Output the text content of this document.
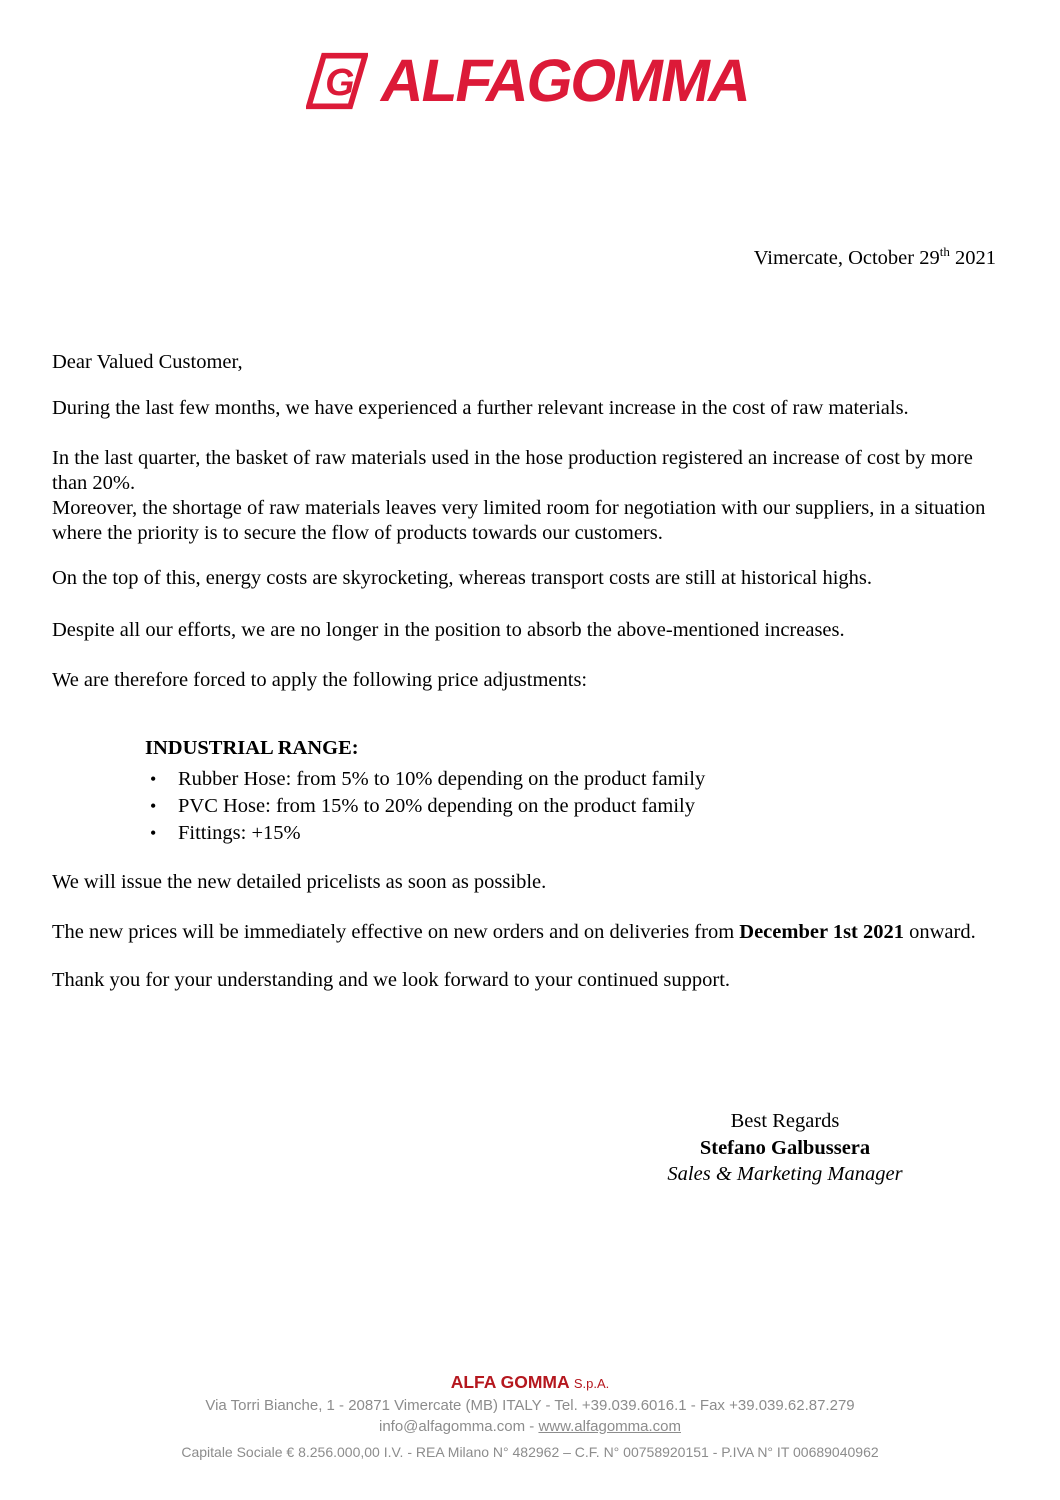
G ALFAGOMMA
Vimercate, October 29th 2021

Dear Valued Customer,

During the last few months, we have experienced a further relevant increase in the cost of raw materials.

In the last quarter, the basket of raw materials used in the hose production registered an increase of cost by more than 20%.

Moreover, the shortage of raw materials leaves very limited room for negotiation with our suppliers, in a situation where the priority is to secure the flow of products towards our customers.

On the top of this, energy costs are skyrocketing, whereas transport costs are still at historical highs.

Despite all our efforts, we are no longer in the position to absorb the above-mentioned increases.

We are therefore forced to apply the following price adjustments:

INDUSTRIAL RANGE:

•	Rubber Hose: from 5% to 10% depending on the product family
•	PVC Hose: from 15% to 20% depending on the product family
•	Fittings: +15%

We will issue the new detailed pricelists as soon as possible.

The new prices will be immediately effective on new orders and on deliveries from December 1st 2021 onward.

Thank you for your understanding and we look forward to your continued support.

Best Regards
Stefano Galbussera
Sales & Marketing Manager
ALFA GOMMA S.p.A.
Via Torri Bianche, 1 - 20871 Vimercate (MB) ITALY - Tel. +39.039.6016.1 - Fax +39.039.62.87.279
info@alfagomma.com - www.alfagomma.com
Capitale Sociale € 8.256.000,00 I.V. - REA Milano N° 482962 – C.F. N° 00758920151 - P.IVA N° IT 00689040962
